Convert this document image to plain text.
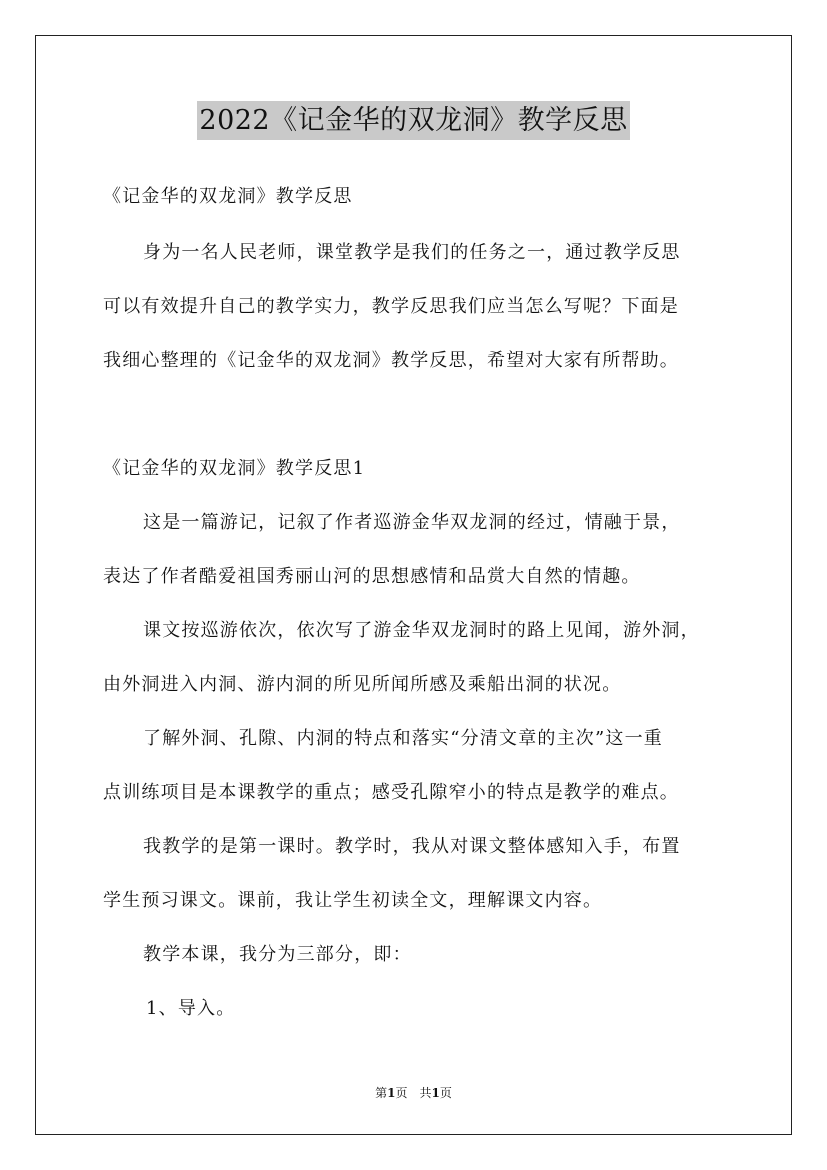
2022《记金华的双龙洞》教学反思

《记金华的双龙洞》教学反思

身为一名人民老师，课堂教学是我们的任务之一，通过教学反思

可以有效提升自己的教学实力，教学反思我们应当怎么写呢？下面是

我细心整理的《记金华的双龙洞》教学反思，希望对大家有所帮助。

《记金华的双龙洞》教学反思1

这是一篇游记，记叙了作者巡游金华双龙洞的经过，情融于景，

表达了作者酷爱祖国秀丽山河的思想感情和品赏大自然的情趣。

课文按巡游依次，依次写了游金华双龙洞时的路上见闻，游外洞，

由外洞进入内洞、游内洞的所见所闻所感及乘船出洞的状况。

了解外洞、孔隙、内洞的特点和落实“分清文章的主次”这一重

点训练项目是本课教学的重点；感受孔隙窄小的特点是教学的难点。

我教学的是第一课时。教学时，我从对课文整体感知入手，布置

学生预习课文。课前，我让学生初读全文，理解课文内容。

教学本课，我分为三部分，即：

1、导入。

第1页　共1页
